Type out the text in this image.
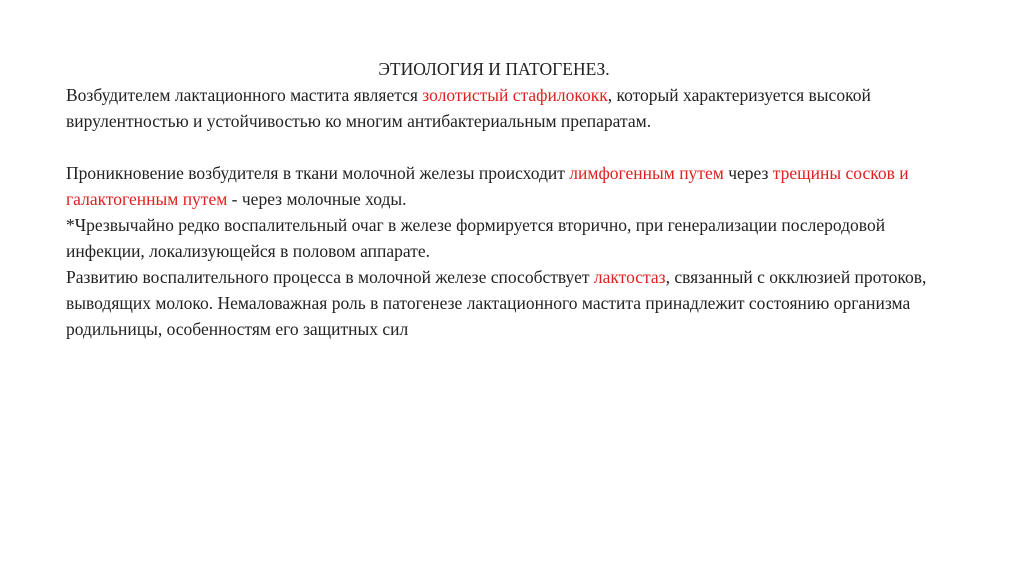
ЭТИОЛОГИЯ И ПАТОГЕНЕЗ.

Возбудителем лактационного мастита является золотистый стафилококк, который характеризуется высокой вирулентностью и устойчивостью ко многим антибактериальным препаратам.

Проникновение возбудителя в ткани молочной железы происходит лимфогенным путем через трещины сосков и галактогенным путем - через молочные ходы.

*Чрезвычайно редко воспалительный очаг в железе формируется вторично, при генерализации послеродовой инфекции, локализующейся в половом аппарате.

Развитию воспалительного процесса в молочной железе способствует лактостаз, связанный с окклюзией протоков, выводящих молоко. Немаловажная роль в патогенезе лактационного мастита принадлежит состоянию организма родильницы, особенностям его защитных сил
